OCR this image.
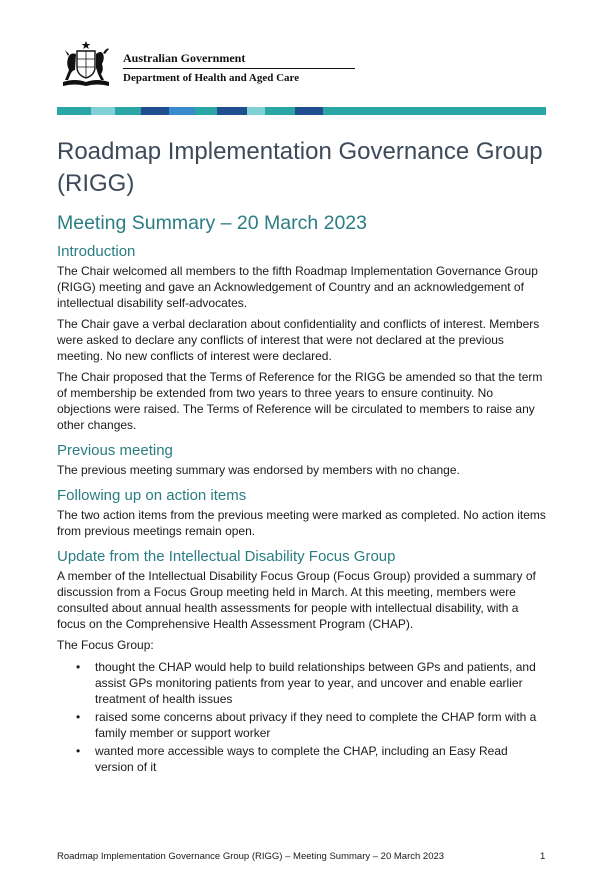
Australian Government
Department of Health and Aged Care
Roadmap Implementation Governance Group (RIGG)
Meeting Summary – 20 March 2023
Introduction

The Chair welcomed all members to the fifth Roadmap Implementation Governance Group (RIGG) meeting and gave an Acknowledgement of Country and an acknowledgement of intellectual disability self-advocates.

The Chair gave a verbal declaration about confidentiality and conflicts of interest. Members were asked to declare any conflicts of interest that were not declared at the previous meeting. No new conflicts of interest were declared.

The Chair proposed that the Terms of Reference for the RIGG be amended so that the term of membership be extended from two years to three years to ensure continuity. No objections were raised. The Terms of Reference will be circulated to members to raise any other changes.

Previous meeting

The previous meeting summary was endorsed by members with no change.

Following up on action items

The two action items from the previous meeting were marked as completed. No action items from previous meetings remain open.

Update from the Intellectual Disability Focus Group

A member of the Intellectual Disability Focus Group (Focus Group) provided a summary of discussion from a Focus Group meeting held in March. At this meeting, members were consulted about annual health assessments for people with intellectual disability, with a focus on the Comprehensive Health Assessment Program (CHAP).

The Focus Group:

• thought the CHAP would help to build relationships between GPs and patients, and assist GPs monitoring patients from year to year, and uncover and enable earlier treatment of health issues
• raised some concerns about privacy if they need to complete the CHAP form with a family member or support worker
• wanted more accessible ways to complete the CHAP, including an Easy Read version of it
Roadmap Implementation Governance Group (RIGG) – Meeting Summary – 20 March 2023	1
